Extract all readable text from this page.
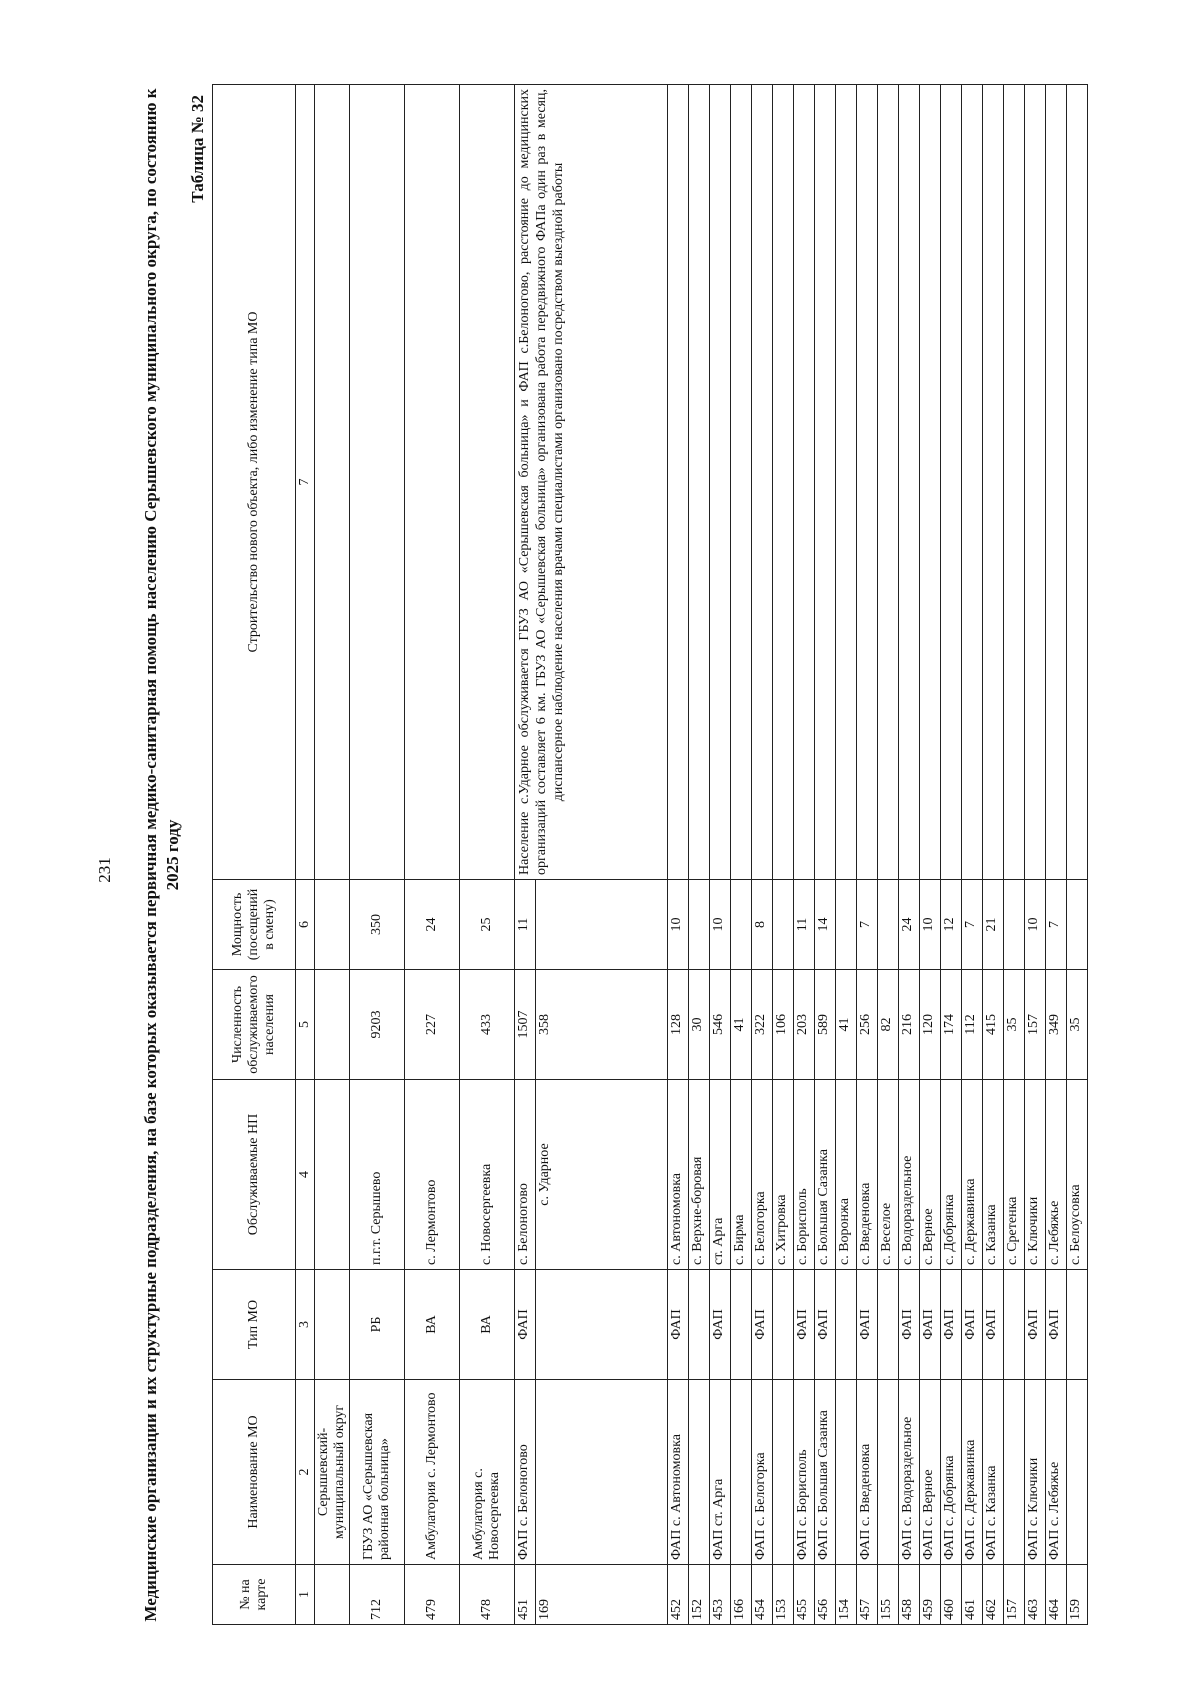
231 Медицинские организации и их структурные подразделения, на базе которых оказывается первичная медико-санитарная помощь населению Серышевского муниципального округа, по состоянию к 2025 году
Таблица № 32
№ на карте	Наименование МО	Тип МО	Обслуживаемые НП	Численность обслуживаемого населения	Мощность (посещений в смену)	Строительство нового объекта, либо изменение типа МО
1	2	3	4	5	6	7
	Серышевский-муниципальный округ					
712	ГБУЗ АО «Серышевская районная больница»	РБ	п.г.т. Серышево	9203	350	
479	Амбулатория с. Лермонтово	ВА	с. Лермонтово	227	24	
478	Амбулатория с. Новосергеевка	ВА	с. Новосергеевка	433	25	
451	ФАП с. Белоногово	ФАП	с. Белоногово	1507	11	Население с.Ударное обслуживается ГБУЗ АО «Серышевская больница» и ФАП с.Белоногово, расстояние до медицинских организаций составляет 6 км. ГБУЗ АО «Серышевская больница» организована работа передвижного ФАПа один раз в месяц, диспансерное наблюдение населения врачами специалистами организовано посредством выездной работы
169			с. Ударное	358		
452	ФАП с. Автономовка	ФАП	с. Автономовка	128	10	
152			с. Верхне-боровая	30		
453	ФАП ст. Арга	ФАП	ст. Арга	546	10	
166			с. Бирма	41		
454	ФАП с. Белогорка	ФАП	с. Белогорка	322	8	
153			с. Хитровка	106		
455	ФАП с. Борисполь	ФАП	с. Борисполь	203	11	
456	ФАП с. Большая Сазанка	ФАП	с. Большая Сазанка	589	14	
154			с. Воронжа	41		
457	ФАП с. Введеновка	ФАП	с. Введеновка	256	7	
155			с. Веселое	82		
458	ФАП с. Водораздельное	ФАП	с. Водораздельное	216	24	
459	ФАП с. Верное	ФАП	с. Верное	120	10	
460	ФАП с. Добрянка	ФАП	с. Добрянка	174	12	
461	ФАП с. Державинка	ФАП	с. Державинка	112	7	
462	ФАП с. Казанка	ФАП	с. Казанка	415	21	
157			с. Сретенка	35		
463	ФАП с. Ключики	ФАП	с. Ключики	157	10	
464	ФАП с. Лебяжье	ФАП	с. Лебяжье	349	7	
159			с. Белоусовка	35		
